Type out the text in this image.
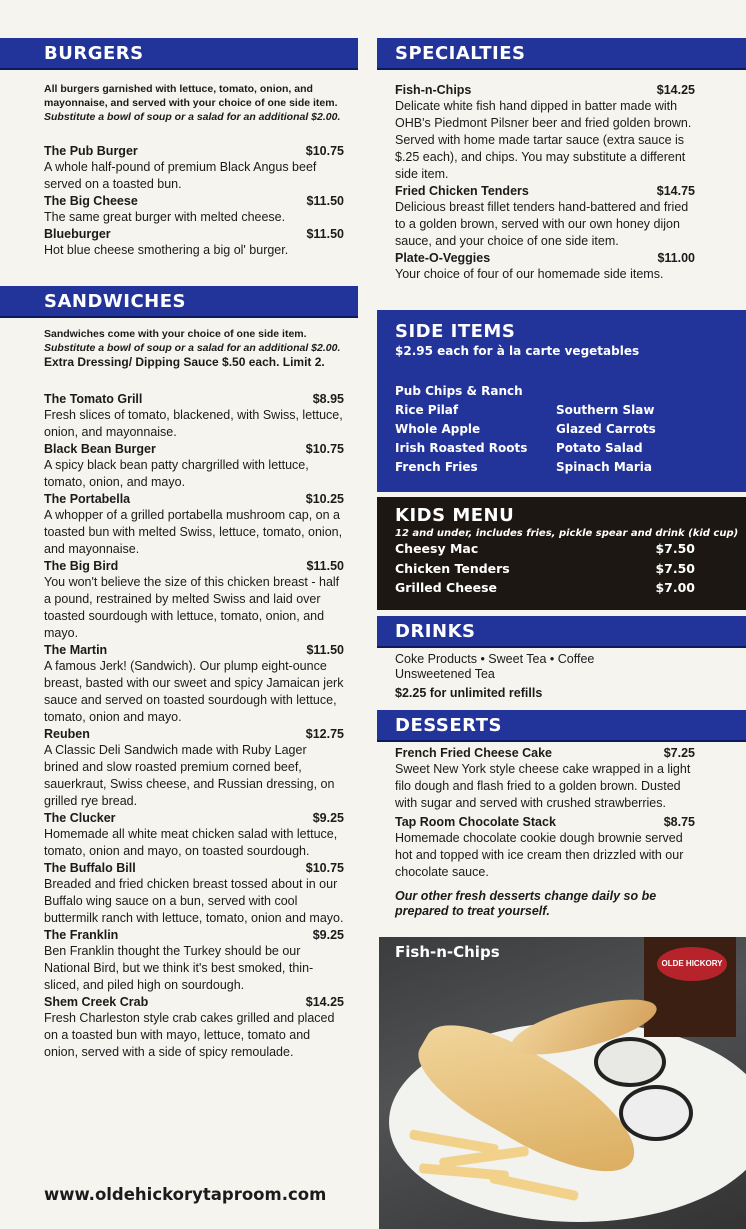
BURGERS
All burgers garnished with lettuce, tomato, onion, and mayonnaise, and served with your choice of one side item.
Substitute a bowl of soup or a salad for an additional $2.00.
The Pub Burger	$10.75
A whole half-pound of premium Black Angus beef served on a toasted bun.
The Big Cheese	$11.50
The same great burger with melted cheese.
Blueburger	$11.50
Hot blue cheese smothering a big ol' burger.
SANDWICHES
Sandwiches come with your choice of one side item.
Substitute a bowl of soup or a salad for an additional $2.00.
Extra Dressing/ Dipping Sauce $.50 each. Limit 2.
The Tomato Grill	$8.95
Fresh slices of tomato, blackened, with Swiss, lettuce, onion, and mayonnaise.
Black Bean Burger	$10.75
A spicy black bean patty chargrilled with lettuce, tomato, onion, and mayo.
The Portabella	$10.25
A whopper of a grilled portabella mushroom cap, on a toasted bun with melted Swiss, lettuce, tomato, onion, and mayonnaise.
The Big Bird	$11.50
You won't believe the size of this chicken breast - half a pound, restrained by melted Swiss and laid over toasted sourdough with lettuce, tomato, onion, and mayo.
The Martin	$11.50
A famous Jerk! (Sandwich). Our plump eight-ounce breast, basted with our sweet and spicy Jamaican jerk sauce and served on toasted sourdough with lettuce, tomato, onion and mayo.
Reuben	$12.75
A Classic Deli Sandwich made with Ruby Lager brined and slow roasted premium corned beef, sauerkraut, Swiss cheese, and Russian dressing, on grilled rye bread.
The Clucker	$9.25
Homemade all white meat chicken salad with lettuce, tomato, onion and mayo, on toasted sourdough.
The Buffalo Bill	$10.75
Breaded and fried chicken breast tossed about in our Buffalo wing sauce on a bun, served with cool buttermilk ranch with lettuce, tomato, onion and mayo.
The Franklin	$9.25
Ben Franklin thought the Turkey should be our National Bird, but we think it's best smoked, thin-sliced, and piled high on sourdough.
Shem Creek Crab	$14.25
Fresh Charleston style crab cakes grilled and placed on a toasted bun with mayo, lettuce, tomato and onion, served with a side of spicy remoulade.
www.oldehickorytaproom.com
SPECIALTIES
Fish-n-Chips	$14.25
Delicate white fish hand dipped in batter made with OHB's Piedmont Pilsner beer and fried golden brown. Served with home made tartar sauce (extra sauce is $.25 each), and chips. You may substitute a different side item.
Fried Chicken Tenders	$14.75
Delicious breast fillet tenders hand-battered and fried to a golden brown, served with our own honey dijon sauce, and your choice of one side item.
Plate-O-Veggies	$11.00
Your choice of four of our homemade side items.
SIDE ITEMS
$2.95 each for à la carte vegetables
Pub Chips & Ranch
Rice Pilaf
Whole Apple
Irish Roasted Roots
French Fries
Southern Slaw
Glazed Carrots
Potato Salad
Spinach Maria
KIDS MENU
12 and under, includes fries, pickle spear and drink (kid cup)
Cheesy Mac	$7.50
Chicken Tenders	$7.50
Grilled Cheese	$7.00
DRINKS
Coke Products • Sweet Tea • Coffee
Unsweetened Tea
$2.25 for unlimited refills
DESSERTS
French Fried Cheese Cake	$7.25
Sweet New York style cheese cake wrapped in a light filo dough and flash fried to a golden brown. Dusted with sugar and served with crushed strawberries.
Tap Room Chocolate Stack	$8.75
Homemade chocolate cookie dough brownie served hot and topped with ice cream then drizzled with our chocolate sauce.
Our other fresh desserts change daily so be prepared to treat yourself.
OLDE HICKORY
Fish-n-Chips
